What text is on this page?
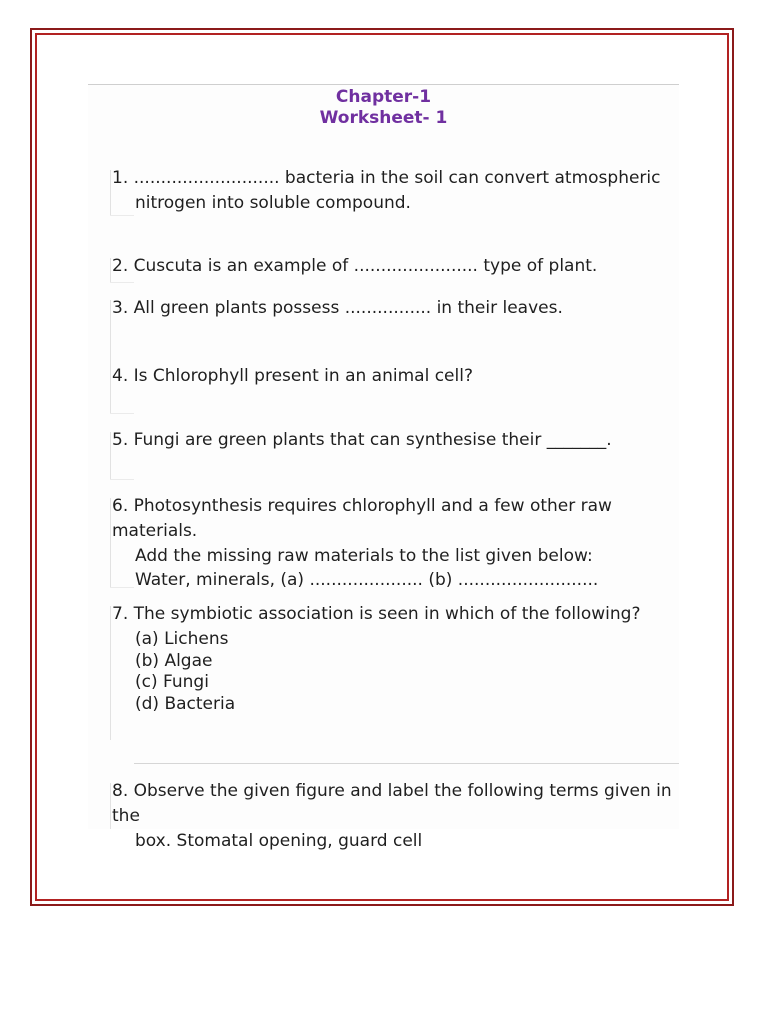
Chapter-1
Worksheet- 1
1. ........................... bacteria in the soil can convert atmospheric
nitrogen into soluble compound.
2. Cuscuta is an example of ....................... type of plant.
3. All green plants possess ................ in their leaves.
4. Is Chlorophyll present in an animal cell?
5. Fungi are green plants that can synthesise their _______.
6. Photosynthesis requires chlorophyll and a few other raw materials.
Add the missing raw materials to the list given below:
Water, minerals, (a) ..................... (b) ..........................
7. The symbiotic association is seen in which of the following?
(a) Lichens
(b) Algae
(c) Fungi
(d) Bacteria
8. Observe the given figure and label the following terms given in the
box. Stomatal opening, guard cell
